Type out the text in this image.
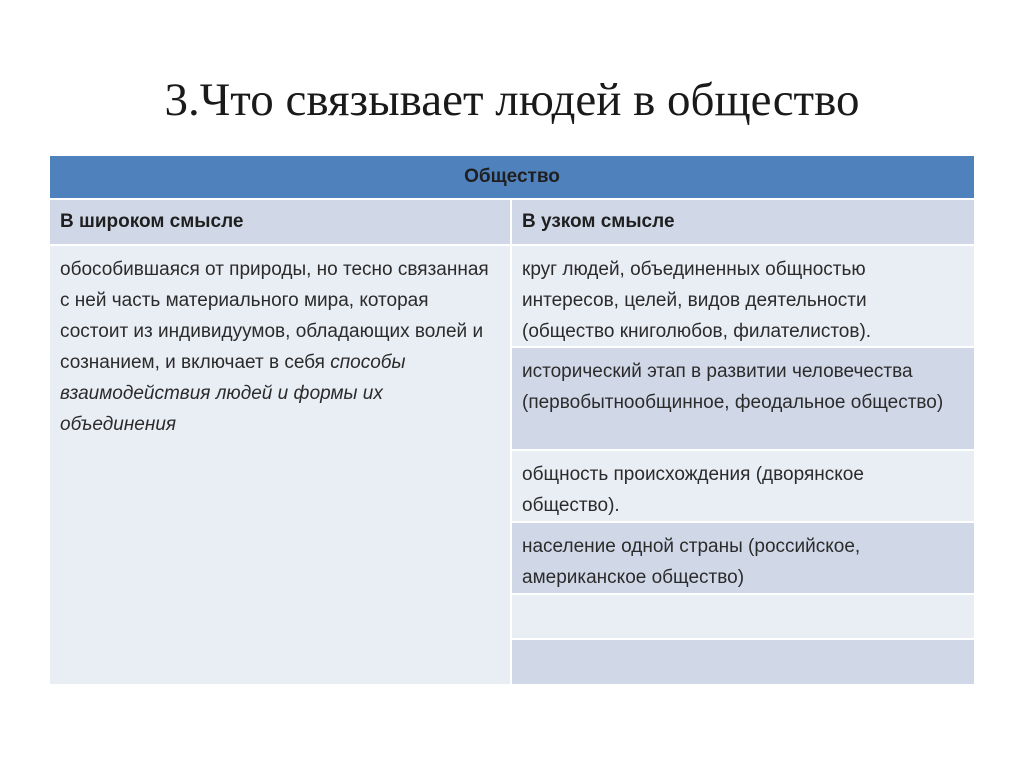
3.Что связывает людей в общество
Общество
В широком смысле	В узком смысле
обособившаяся от природы, но тесно связанная с ней часть материального мира, которая состоит из индивидуумов, обладающих волей и сознанием, и включает в себя способы взаимодействия людей и формы их объединения
круг людей, объединенных общностью интересов, целей, видов деятельности (общество книголюбов, филателистов).
исторический этап в развитии человечества (первобытнообщинное, феодальное общество)
общность происхождения (дворянское общество).
население одной страны (российское, американское общество)
